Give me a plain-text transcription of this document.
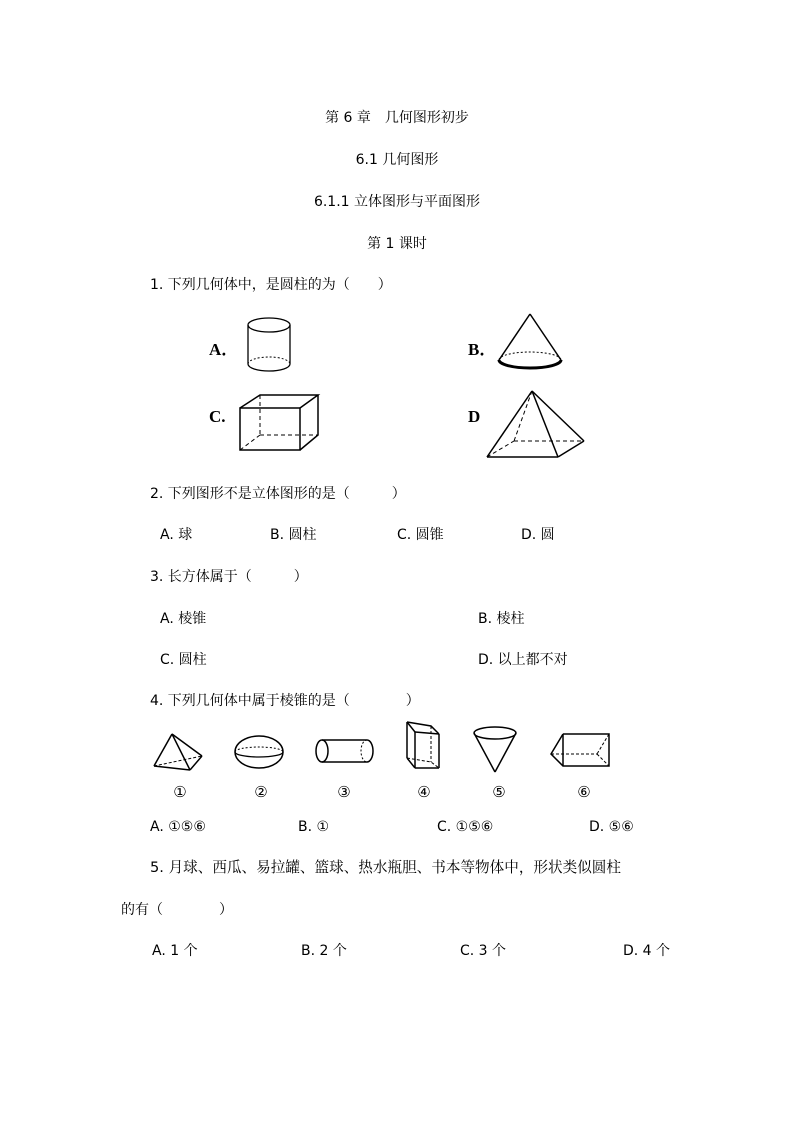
第 6 章　几何图形初步
6.1 几何图形
6.1.1 立体图形与平面图形
第 1 课时
1. 下列几何体中，是圆柱的为（　　）
A．	B．
C.	D
2. 下列图形不是立体图形的是（　　　）
A. 球	B. 圆柱	C. 圆锥	D. 圆
3. 长方体属于（　　　）
A. 棱锥	B. 棱柱
C. 圆柱	D. 以上都不对
4. 下列几何体中属于棱锥的是（　　　　）
①	②	③	④	⑤	⑥
A. ①⑤⑥	B. ①	C. ①⑤⑥	D. ⑤⑥
5. 月球、西瓜、易拉罐、篮球、热水瓶胆、书本等物体中，形状类似圆柱
的有（　　　　）
A. 1 个	B. 2 个	C. 3 个	D. 4 个
